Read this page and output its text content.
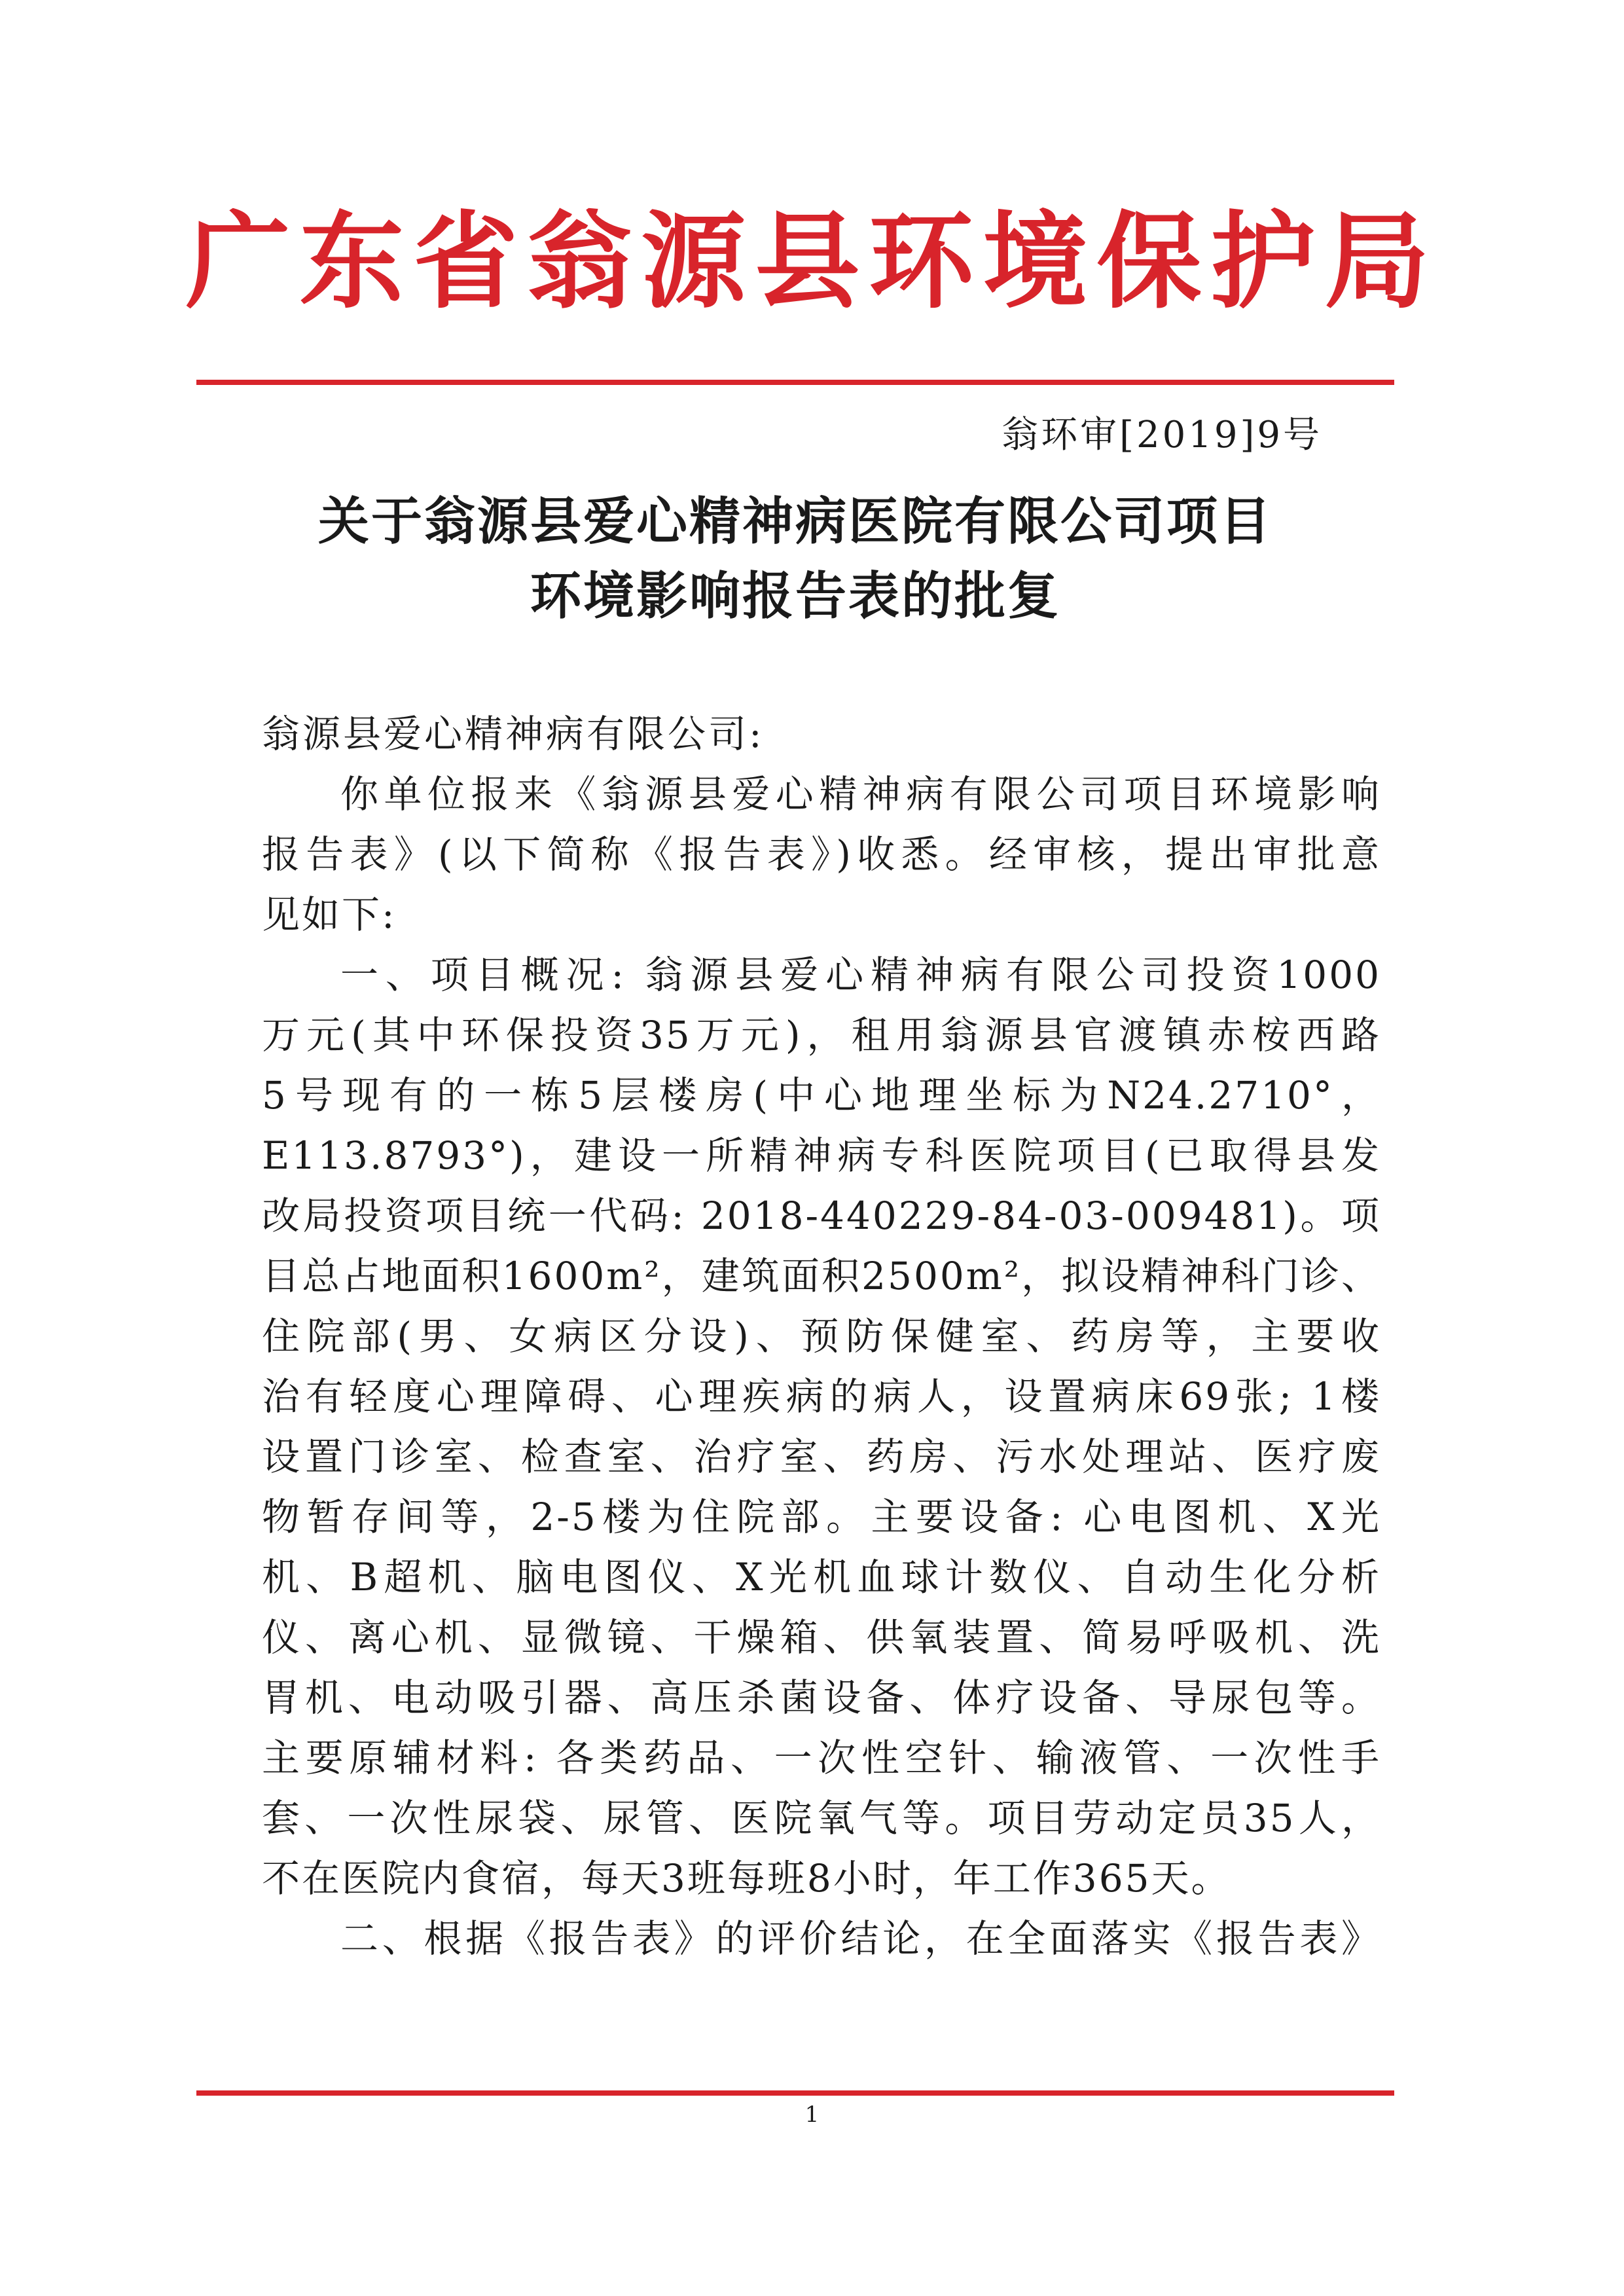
广东省翁源县环境保护局
翁环审[2019]9号
关于翁源县爱心精神病医院有限公司项目
环境影响报告表的批复
翁源县爱心精神病有限公司:
你单位报来《翁源县爱心精神病有限公司项目环境影响
报告表》(以下简称《报告表》)收悉。经审核，提出审批意
见如下:
一、项目概况: 翁源县爱心精神病有限公司投资1000
万元(其中环保投资35万元)，租用翁源县官渡镇赤桉西路
5号现有的一栋5层楼房(中心地理坐标为N24.2710°，
E113.8793°)，建设一所精神病专科医院项目(已取得县发
改局投资项目统一代码: 2018-440229-84-03-009481)。项
目总占地面积1600m²，建筑面积2500m²，拟设精神科门诊、
住院部(男、女病区分设)、预防保健室、药房等，主要收
治有轻度心理障碍、心理疾病的病人，设置病床69张; 1楼
设置门诊室、检查室、治疗室、药房、污水处理站、医疗废
物暂存间等，2-5楼为住院部。主要设备: 心电图机、X光
机、B超机、脑电图仪、X光机血球计数仪、自动生化分析
仪、离心机、显微镜、干燥箱、供氧装置、简易呼吸机、洗
胃机、电动吸引器、高压杀菌设备、体疗设备、导尿包等。
主要原辅材料: 各类药品、一次性空针、输液管、一次性手
套、一次性尿袋、尿管、医院氧气等。项目劳动定员35人，
不在医院内食宿，每天3班每班8小时，年工作365天。
二、根据《报告表》的评价结论，在全面落实《报告表》
1
